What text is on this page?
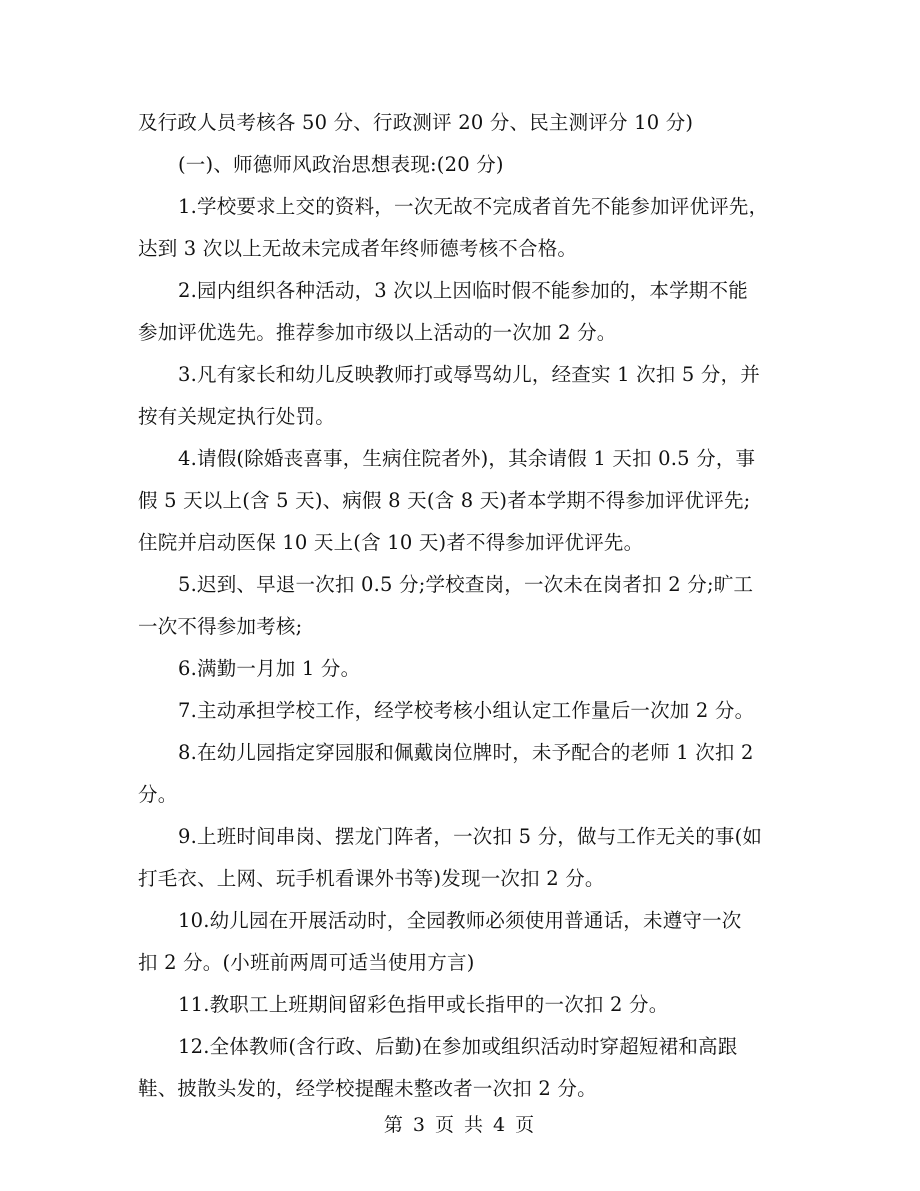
及行政人员考核各 50 分、行政测评 20 分、民主测评分 10 分)
(一)、师德师风政治思想表现:(20 分)
1.学校要求上交的资料，一次无故不完成者首先不能参加评优评先，
达到 3 次以上无故未完成者年终师德考核不合格。
2.园内组织各种活动，3 次以上因临时假不能参加的，本学期不能
参加评优选先。推荐参加市级以上活动的一次加 2 分。
3.凡有家长和幼儿反映教师打或辱骂幼儿，经查实 1 次扣 5 分，并
按有关规定执行处罚。
4.请假(除婚丧喜事，生病住院者外)，其余请假 1 天扣 0.5 分，事
假 5 天以上(含 5 天)、病假 8 天(含 8 天)者本学期不得参加评优评先;
住院并启动医保 10 天上(含 10 天)者不得参加评优评先。
5.迟到、早退一次扣 0.5 分;学校查岗，一次未在岗者扣 2 分;旷工
一次不得参加考核;
6.满勤一月加 1 分。
7.主动承担学校工作，经学校考核小组认定工作量后一次加 2 分。
8.在幼儿园指定穿园服和佩戴岗位牌时，未予配合的老师 1 次扣 2
分。
9.上班时间串岗、摆龙门阵者，一次扣 5 分，做与工作无关的事(如
打毛衣、上网、玩手机看课外书等)发现一次扣 2 分。
10.幼儿园在开展活动时，全园教师必须使用普通话，未遵守一次
扣 2 分。(小班前两周可适当使用方言)
11.教职工上班期间留彩色指甲或长指甲的一次扣 2 分。
12.全体教师(含行政、后勤)在参加或组织活动时穿超短裙和高跟
鞋、披散头发的，经学校提醒未整改者一次扣 2 分。
第 3 页 共 4 页
